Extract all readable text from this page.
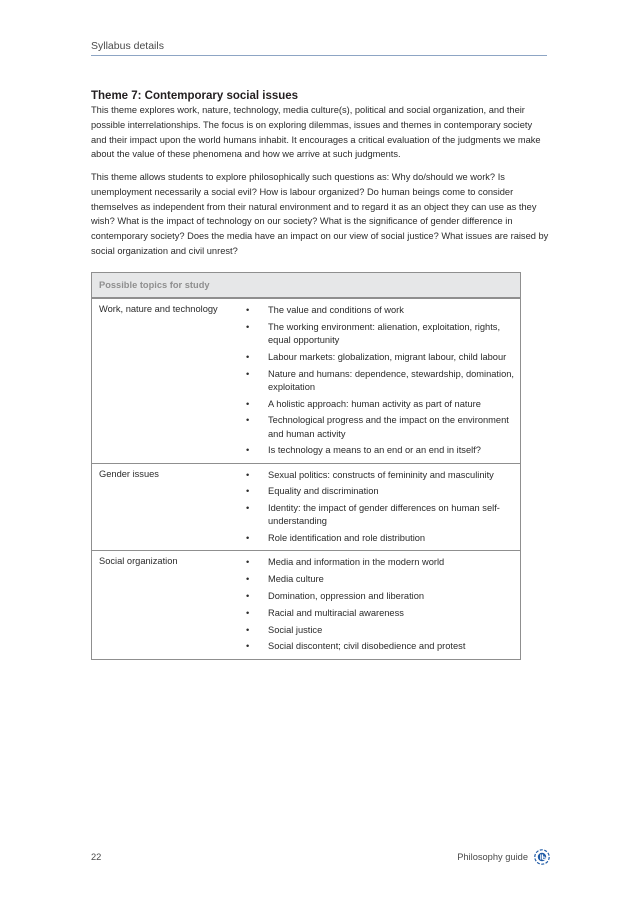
Syllabus details
Theme 7: Contemporary social issues

This theme explores work, nature, technology, media culture(s), political and social organization, and their possible interrelationships. The focus is on exploring dilemmas, issues and themes in contemporary society and their impact upon the world humans inhabit. It encourages a critical evaluation of the judgments we make about the value of these phenomena and how we arrive at such judgments.

This theme allows students to explore philosophically such questions as: Why do/should we work? Is unemployment necessarily a social evil? How is labour organized? Do human beings come to consider themselves as independent from their natural environment and to regard it as an object they can use as they wish? What is the impact of technology on our society? What is the significance of gender difference in contemporary society? Does the media have an impact on our view of social justice? What issues are raised by social organization and civil unrest?

Possible topics for study
Work, nature and technology	• The value and conditions of work
• The working environment: alienation, exploitation, rights, equal opportunity
• Labour markets: globalization, migrant labour, child labour
• Nature and humans: dependence, stewardship, domination, exploitation
• A holistic approach: human activity as part of nature
• Technological progress and the impact on the environment and human activity
• Is technology a means to an end or an end in itself?
Gender issues	• Sexual politics: constructs of femininity and masculinity
• Equality and discrimination
• Identity: the impact of gender differences on human self-understanding
• Role identification and role distribution
Social organization	• Media and information in the modern world
• Media culture
• Domination, oppression and liberation
• Racial and multiracial awareness
• Social justice
• Social discontent; civil disobedience and protest
22	Philosophy guide
